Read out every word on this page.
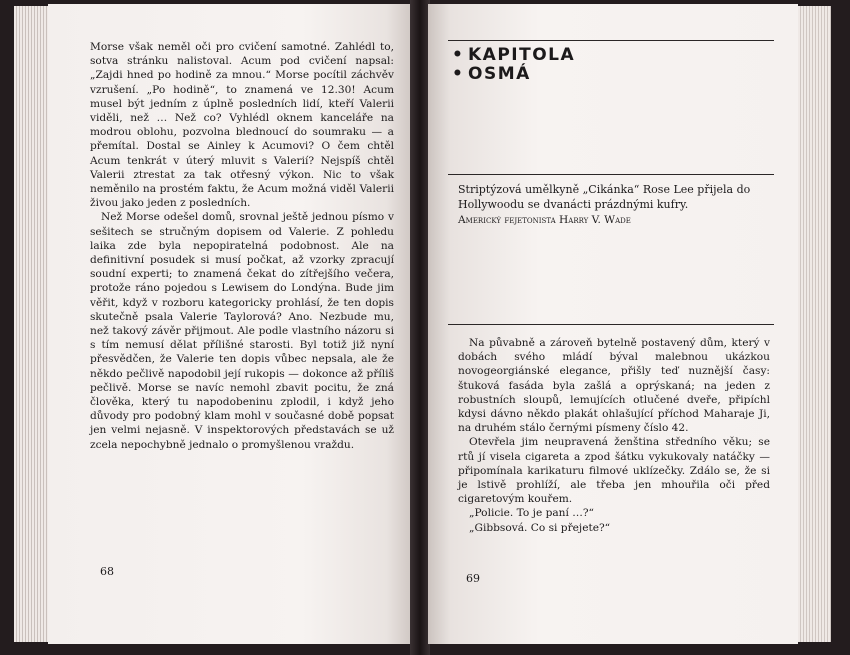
Morse však neměl oči pro cvičení samotné. Zahlédl to, sotva stránku nalistoval. Acum pod cvičení napsal: „Zajdi hned po hodině za mnou.“ Morse pocítil záchvěv vzrušení. „Po hodině“, to znamená ve 12.30! Acum musel být jedním z úplně posledních lidí, kteří Valerii viděli, než … Než co? Vyhlédl oknem kanceláře na modrou oblohu, pozvolna blednoucí do soumraku — a přemítal. Dostal se Ainley k Acumovi? O čem chtěl Acum tenkrát v úterý mluvit s Valerií? Nejspíš chtěl Valerii ztrestat za tak otřesný výkon. Nic to však neměnilo na prostém faktu, že Acum možná viděl Valerii živou jako jeden z posledních.

Než Morse odešel domů, srovnal ještě jednou písmo v sešitech se stručným dopisem od Valerie. Z pohledu laika zde byla nepopiratelná podobnost. Ale na definitivní posudek si musí počkat, až vzorky zpracují soudní experti; to znamená čekat do zítřejšího večera, protože ráno pojedou s Lewisem do Londýna. Bude jim věřit, když v rozboru kategoricky prohlásí, že ten dopis skutečně psala Valerie Taylorová? Ano. Nezbude mu, než takový závěr přijmout. Ale podle vlastního názoru si s tím nemusí dělat přílišné starosti. Byl totiž již nyní přesvědčen, že Valerie ten dopis vůbec nepsala, ale že někdo pečlivě napodobil její rukopis — dokonce až příliš pečlivě. Morse se navíc nemohl zbavit pocitu, že zná člověka, který tu napodobeninu zplodil, i když jeho důvody pro podobný klam mohl v současné době popsat jen velmi nejasně. V inspektorových představách se už zcela nepochybně jednalo o promyšlenou vraždu.

68
• KAPITOLA
• OSMÁ
Striptýzová umělkyně „Cikánka“ Rose Lee přijela do Hollywoodu se dvanácti prázdnými kufry.
Americký fejetonista Harry V. Wade

Na půvabně a zároveň bytelně postavený dům, který v dobách svého mládí býval malebnou ukázkou novogeorgiánské elegance, přišly teď nuznější časy: štuková fasáda byla zašlá a oprýskaná; na jeden z robustních sloupů, lemujících otlučené dveře, připíchl kdysi dávno někdo plakát ohlašující příchod Maharaje Ji, na druhém stálo černými písmeny číslo 42.

Otevřela jim neupravená ženština středního věku; se rtů jí visela cigareta a zpod šátku vykukovaly natáčky — připomínala karikaturu filmové uklízečky. Zdálo se, že si je lstivě prohlíží, ale třeba jen mhouřila oči před cigaretovým kouřem.

„Policie. To je paní …?“

„Gibbsová. Co si přejete?“

69
